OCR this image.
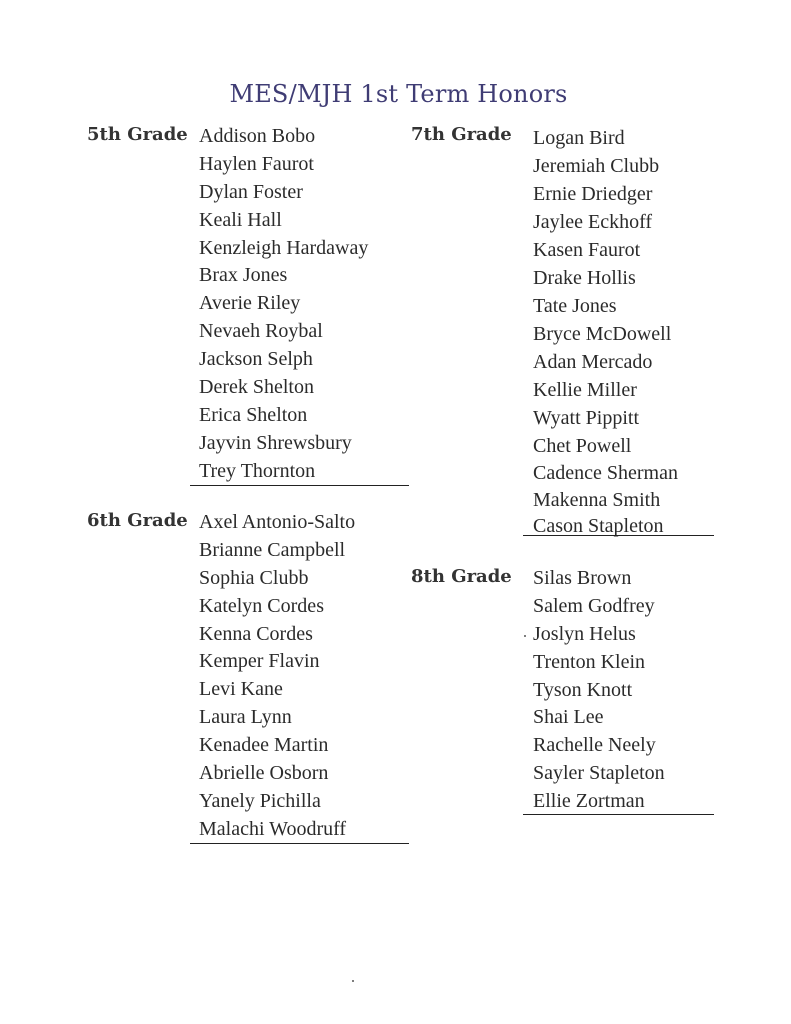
MES/MJH 1st Term Honors
5th Grade Addison Bobo
Haylen Faurot
Dylan Foster
Keali Hall
Kenzleigh Hardaway
Brax Jones
Averie Riley
Nevaeh Roybal
Jackson Selph
Derek Shelton
Erica Shelton
Jayvin Shrewsbury
Trey Thornton
6th Grade Axel Antonio-Salto
Brianne Campbell
Sophia Clubb
Katelyn Cordes
Kenna Cordes
Kemper Flavin
Levi Kane
Laura Lynn
Kenadee Martin
Abrielle Osborn
Yanely Pichilla
Malachi Woodruff
7th Grade Logan Bird
Jeremiah Clubb
Ernie Driedger
Jaylee Eckhoff
Kasen Faurot
Drake Hollis
Tate Jones
Bryce McDowell
Adan Mercado
Kellie Miller
Wyatt Pippitt
Chet Powell
Cadence Sherman
Makenna Smith
Cason Stapleton
8th Grade Silas Brown
Salem Godfrey
Joslyn Helus
Trenton Klein
Tyson Knott
Shai Lee
Rachelle Neely
Sayler Stapleton
Ellie Zortman
